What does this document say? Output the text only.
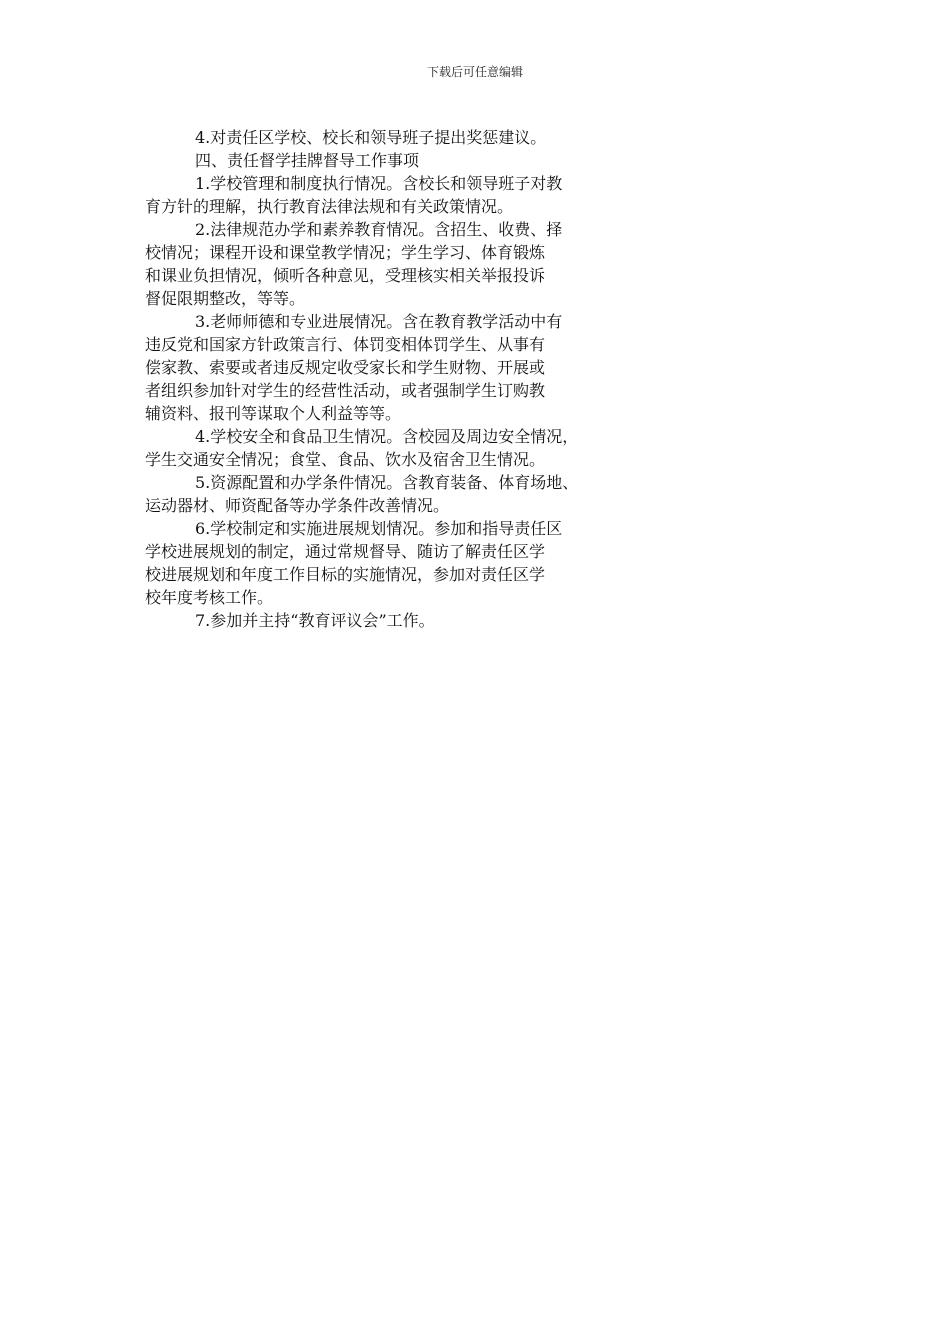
下载后可任意编辑
4.对责任区学校、校长和领导班子提出奖惩建议。
四、责任督学挂牌督导工作事项
1.学校管理和制度执行情况。含校长和领导班子对教
育方针的理解，执行教育法律法规和有关政策情况。
2.法律规范办学和素养教育情况。含招生、收费、择
校情况；课程开设和课堂教学情况；学生学习、体育锻炼
和课业负担情况，倾听各种意见，受理核实相关举报投诉
督促限期整改，等等。
3.老师师德和专业进展情况。含在教育教学活动中有
违反党和国家方针政策言行、体罚变相体罚学生、从事有
偿家教、索要或者违反规定收受家长和学生财物、开展或
者组织参加针对学生的经营性活动，或者强制学生订购教
辅资料、报刊等谋取个人利益等等。
4.学校安全和食品卫生情况。含校园及周边安全情况，
学生交通安全情况；食堂、食品、饮水及宿舍卫生情况。
5.资源配置和办学条件情况。含教育装备、体育场地、
运动器材、师资配备等办学条件改善情况。
6.学校制定和实施进展规划情况。参加和指导责任区
学校进展规划的制定，通过常规督导、随访了解责任区学
校进展规划和年度工作目标的实施情况，参加对责任区学
校年度考核工作。
7.参加并主持“教育评议会”工作。
